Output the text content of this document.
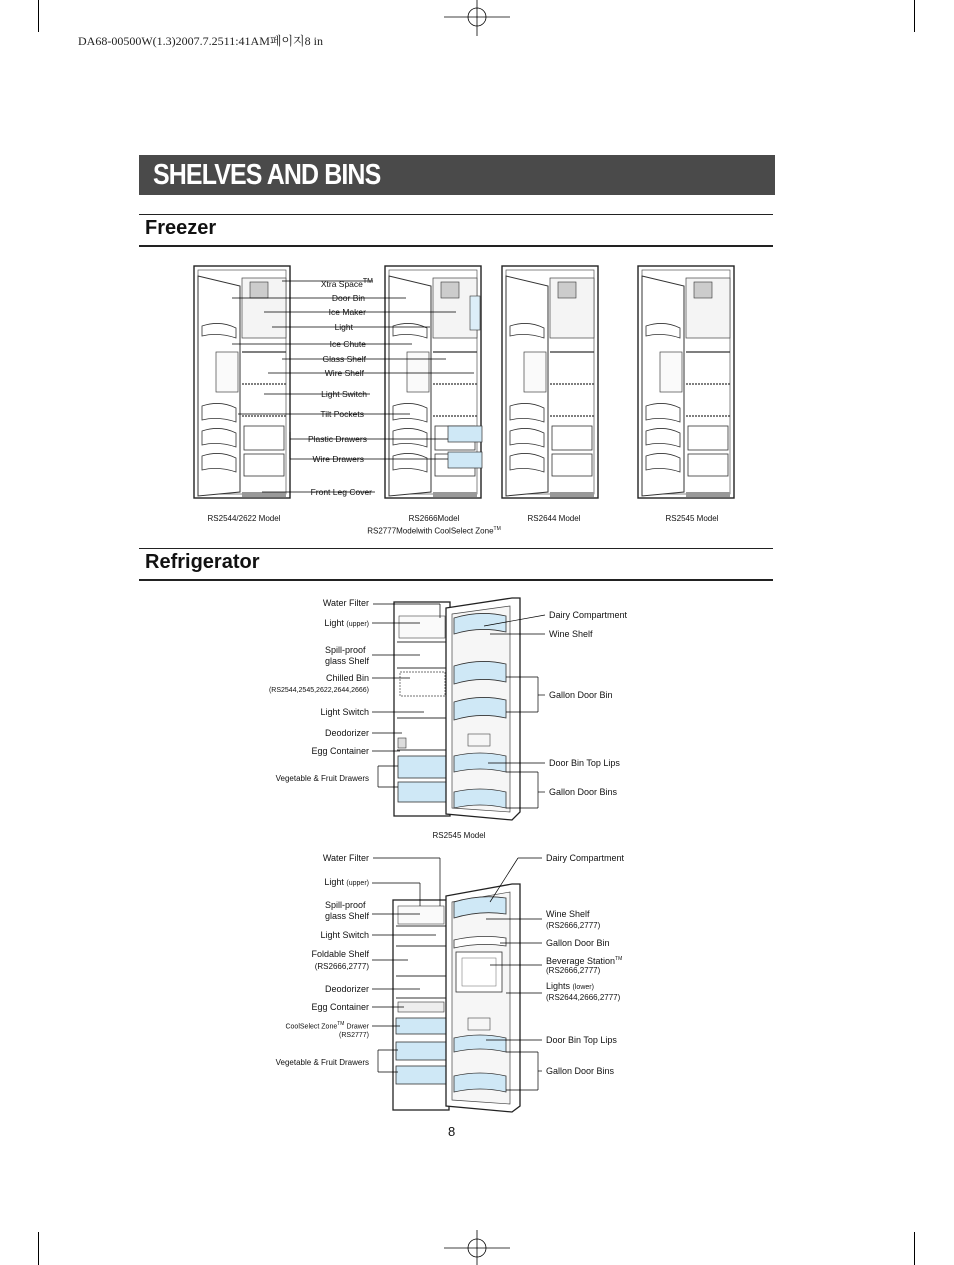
DA68-00500W(1.3)2007.7.2511:41AM페이지8 in
SHELVES AND BINS
Freezer
Xtra Space™
Door Bin
Ice Maker
Light
Ice Chute
Glass Shelf
Wire Shelf
Light Switch
Tilt Pockets
Plastic Drawers
Wire Drawers
Front Leg Cover
RS2544/2622 Model	RS2666Model
RS2777Modelwith CoolSelect Zone™
RS2644 Model	RS2545 Model
Refrigerator
Water Filter
Light (upper)
Spill-proof
glass Shelf
Chilled Bin
(RS2544,2545,2622,2644,2666)
Light Switch
Deodorizer
Egg Container
Vegetable & Fruit Drawers
Dairy Compartment
Wine Shelf
Gallon Door Bin
Door Bin Top Lips
Gallon Door Bins
RS2545 Model
Water Filter
Light (upper)
Spill-proof
glass Shelf
Light Switch
Foldable Shelf
(RS2666,2777)
Deodorizer
Egg Container
CoolSelect Zone™ Drawer
(RS2777)
Vegetable & Fruit Drawers
Dairy Compartment
Wine Shelf
(RS2666,2777)
Gallon Door Bin
Beverage Station™
(RS2666,2777)
Lights (lower)
(RS2644,2666,2777)
Door Bin Top Lips
Gallon Door Bins
8
